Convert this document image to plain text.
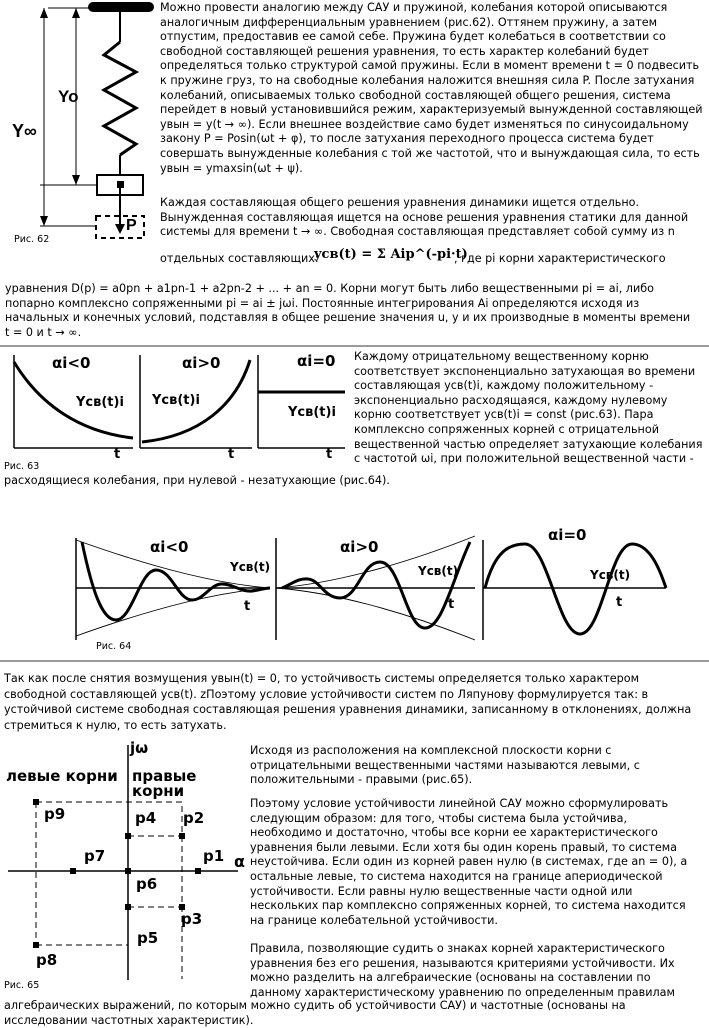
Yo
Y∞
P
Рис. 62

Можно провести аналогию между САУ и пружиной, колебания которой описываются

аналогичным дифференциальным уравнением (рис.62). Оттянем пружину, а затем

отпустим, предоставив ее самой себе. Пружина будет колебаться в соответствии со

свободной составляющей решения уравнения, то есть характер колебаний будет

определяться только структурой самой пружины. Если в момент времени t = 0 подвесить

к пружине груз, то на свободные колебания наложится внешняя сила P. После затухания

колебаний, описываемых только свободной составляющей общего решения, система

перейдет в новый установившийся режим, характеризуемый вынужденной составляющей

yвын = y(t → ∞). Если внешнее воздействие само будет изменяться по синусоидальному

закону P = Posin(ωt + φ), то после затухания переходного процесса система будет

совершать вынужденные колебания с той же частотой, что и вынуждающая сила, то есть

yвын = ymaxsin(ωt + ψ).

Каждая составляющая общего решения уравнения динамики ищется отдельно.

Вынужденная составляющая ищется на основе решения уравнения статики для данной

системы для времени t → ∞. Свободная составляющая представляет собой сумму из n

отдельных составляющих:
yсв(t) = Σ Aip^(-pi·t)
, где pi корни характеристического

уравнения D(p) = a0pn + a1pn-1 + a2pn-2 + ... + an = 0. Корни могут быть либо вещественными pi = ai, либо

попарно комплексно сопряженными pi = ai ± jωi. Постоянные интегрирования Ai определяются исходя из

начальных и конечных условий, подставляя в общее решение значения u, y и их производные в моменты времени

t = 0 и t → ∞.

αi<0
Yсв(t)i
t
αi>0
Yсв(t)i
t
αi=0
Yсв(t)i
t
Рис. 63

Каждому отрицательному вещественному корню

соответствует экспоненциально затухающая во времени

составляющая yсв(t)i, каждому положительному -

экспоненциально расходящаяся, каждому нулевому

корню соответствует yсв(t)i = const (рис.63). Пара

комплексно сопряженных корней с отрицательной

вещественной частью определяет затухающие колебания

с частотой ωi, при положительной вещественной части -

расходящиеся колебания, при нулевой - незатухающие (рис.64).

αi<0
Yсв(t)
t
αi>0
Yсв(t)
t
αi=0
Yсв(t)
t
Рис. 64

Так как после снятия возмущения yвын(t) = 0, то устойчивость системы определяется только характером

свободной составляющей yсв(t). zПоэтому условие устойчивости систем по Ляпунову формулируется так: в

устойчивой системе свободная составляющая решения уравнения динамики, записанному в отклонениях, должна

стремиться к нулю, то есть затухать.

jω
левые корни правые корни
α
p9	p4 p2
p7	p1
p6
p3
p5
p8
Рис. 65

Исходя из расположения на комплексной плоскости корни с

отрицательными вещественными частями называются левыми, с

положительными - правыми (рис.65).

Поэтому условие устойчивости линейной САУ можно сформулировать

следующим образом: для того, чтобы система была устойчива,

необходимо и достаточно, чтобы все корни ее характеристического

уравнения были левыми. Если хотя бы один корень правый, то система

неустойчива. Если один из корней равен нулю (в системах, где an = 0), а

остальные левые, то система находится на границе апериодической

устойчивости. Если равны нулю вещественные части одной или

нескольких пар комплексно сопряженных корней, то система находится

на границе колебательной устойчивости.

Правила, позволяющие судить о знаках корней характеристического

уравнения без его решения, называются критериями устойчивости. Их

можно разделить на алгебраические (основаны на составлении по

данному характеристическому уравнению по определенным правилам

алгебраических выражений, по которым можно судить об устойчивости САУ) и частотные (основаны на

исследовании частотных характеристик).
